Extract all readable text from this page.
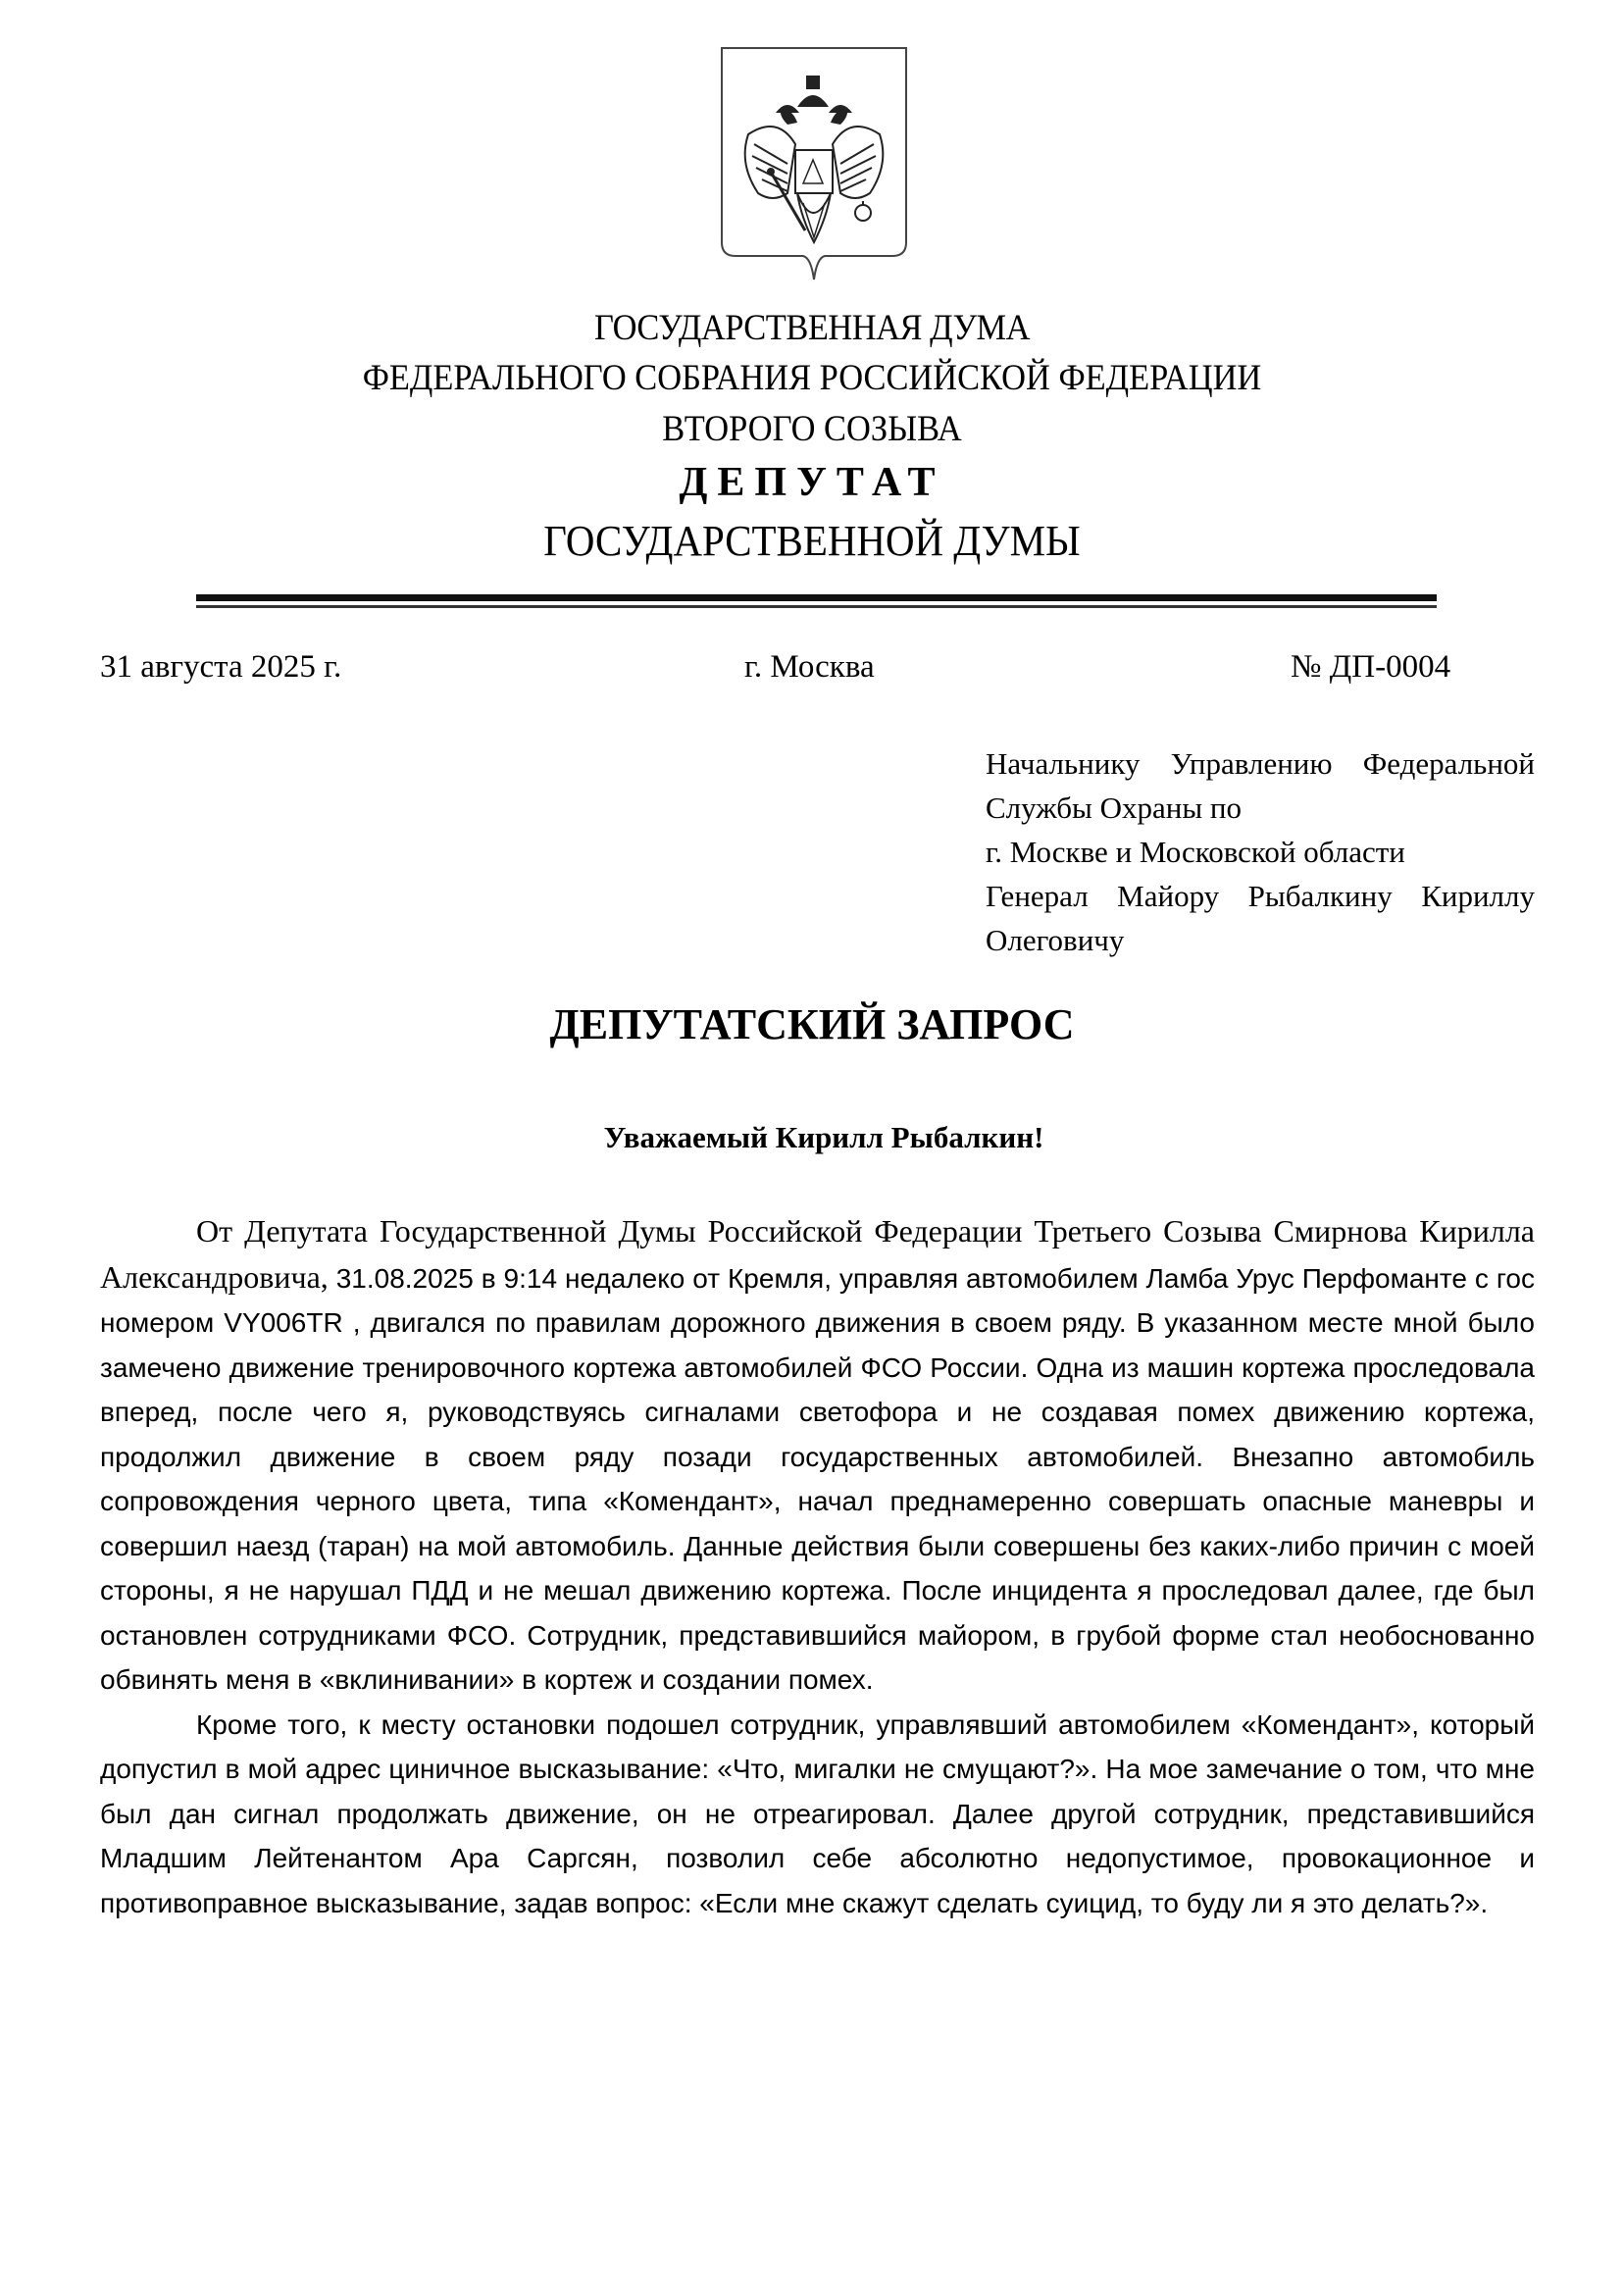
ГОСУДАРСТВЕННАЯ ДУМА
ФЕДЕРАЛЬНОГО СОБРАНИЯ РОССИЙСКОЙ ФЕДЕРАЦИИ
ВТОРОГО СОЗЫВА
ДЕПУТАТ
ГОСУДАРСТВЕННОЙ ДУМЫ
31 августа 2025 г.	г. Москва	№ ДП-0004
Начальнику Управлению Федеральной
Службы Охраны по
г. Москве и Московской области
Генерал Майору Рыбалкину Кириллу
Олеговичу
ДЕПУТАТСКИЙ ЗАПРОС
Уважаемый Кирилл Рыбалкин!

От Депутата Государственной Думы Российской Федерации Третьего Созыва Смирнова Кирилла Александровича, 31.08.2025 в 9:14 недалеко от Кремля, управляя автомобилем Ламба Урус Перфоманте с гос номером VY006TR , двигался по правилам дорожного движения в своем ряду. В указанном месте мной было замечено движение тренировочного кортежа автомобилей ФСО России. Одна из машин кортежа проследовала вперед, после чего я, руководствуясь сигналами светофора и не создавая помех движению кортежа, продолжил движение в своем ряду позади государственных автомобилей. Внезапно автомобиль сопровождения черного цвета, типа «Комендант», начал преднамеренно совершать опасные маневры и совершил наезд (таран) на мой автомобиль. Данные действия были совершены без каких-либо причин с моей стороны, я не нарушал ПДД и не мешал движению кортежа. После инцидента я проследовал далее, где был остановлен сотрудниками ФСО. Сотрудник, представившийся майором, в грубой форме стал необоснованно обвинять меня в «вклинивании» в кортеж и создании помех.

Кроме того, к месту остановки подошел сотрудник, управлявший автомобилем «Комендант», который допустил в мой адрес циничное высказывание: «Что, мигалки не смущают?». На мое замечание о том, что мне был дан сигнал продолжать движение, он не отреагировал. Далее другой сотрудник, представившийся Младшим Лейтенантом Ара Саргсян, позволил себе абсолютно недопустимое, провокационное и противоправное высказывание, задав вопрос: «Если мне скажут сделать суицид, то буду ли я это делать?».
